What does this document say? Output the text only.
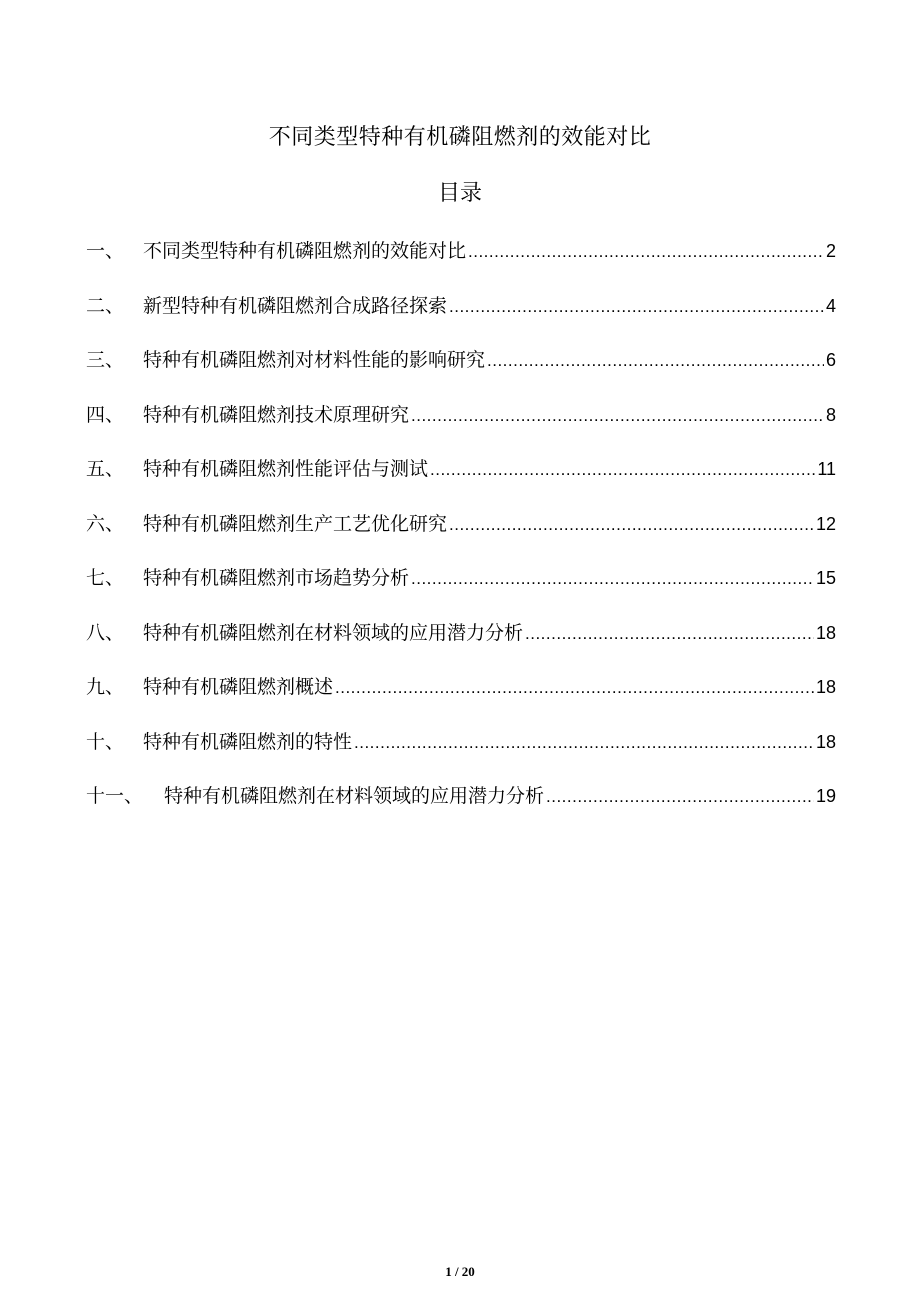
不同类型特种有机磷阻燃剂的效能对比
目录
一、 不同类型特种有机磷阻燃剂的效能对比 .....	2
二、 新型特种有机磷阻燃剂合成路径探索 .....	4
三、 特种有机磷阻燃剂对材料性能的影响研究 .....	6
四、 特种有机磷阻燃剂技术原理研究 .....	8
五、 特种有机磷阻燃剂性能评估与测试 .....	11
六、 特种有机磷阻燃剂生产工艺优化研究 .....	12
七、 特种有机磷阻燃剂市场趋势分析 .....	15
八、 特种有机磷阻燃剂在材料领域的应用潜力分析 .....	18
九、 特种有机磷阻燃剂概述 .....	18
十、 特种有机磷阻燃剂的特性 .....	18
十一、	特种有机磷阻燃剂在材料领域的应用潜力分析 .....	19
1 / 20
